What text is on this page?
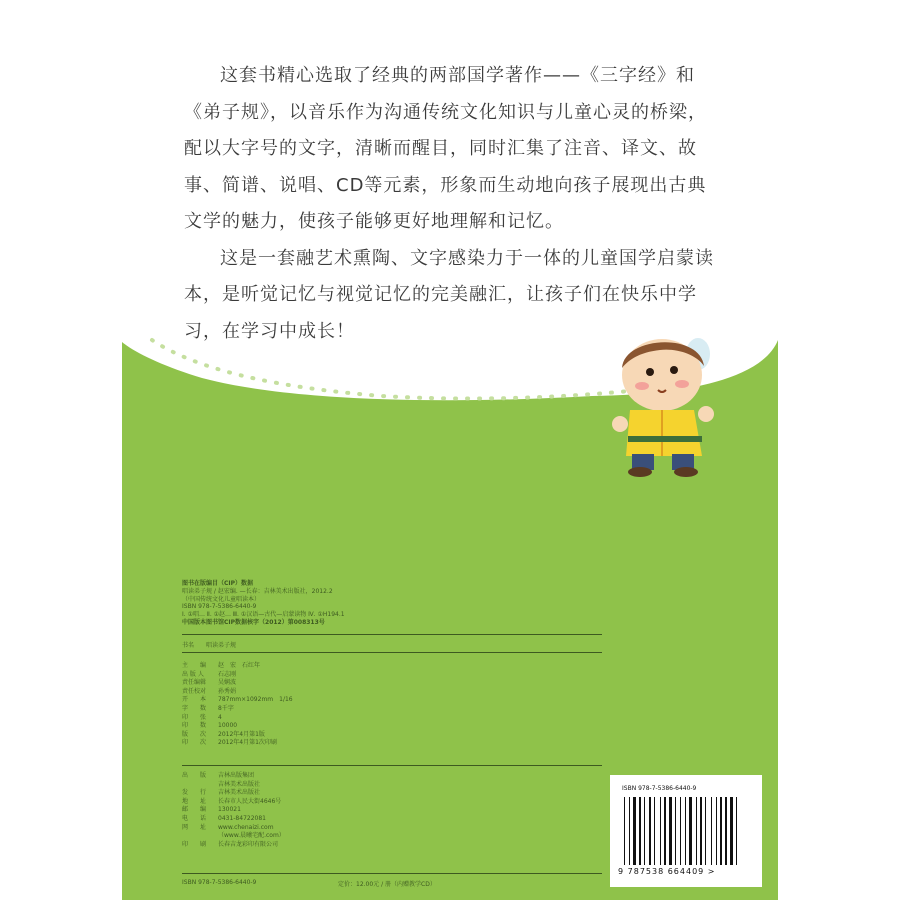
这套书精心选取了经典的两部国学著作——《三字经》和《弟子规》，以音乐作为沟通传统文化知识与儿童心灵的桥梁，配以大字号的文字，清晰而醒目，同时汇集了注音、译文、故事、简谱、说唱、CD等元素，形象而生动地向孩子展现出古典文学的魅力，使孩子能够更好地理解和记忆。

这是一套融艺术熏陶、文字感染力于一体的儿童国学启蒙读本，是听觉记忆与视觉记忆的完美融汇，让孩子们在快乐中学习，在学习中成长！

图书在版编目（CIP）数据
唱读弟子规 / 赵宏编. —长春：吉林美术出版社，2012.2
（中国传统文化儿童唱读本）
ISBN 978-7-5386-6440-9
Ⅰ. ①唱… Ⅱ. ①赵… Ⅲ. ①汉语—古代—启蒙读物 Ⅳ. ①H194.1
中国版本图书馆CIP数据核字（2012）第008313号
书名 唱读弟子规
主　　编	赵　宏　石红年
出 版 人	石志刚
责任编辑	吴娴波
责任校对	孙秀娟
开　　本	787mm×1092mm　1/16
字　　数	8千字
印　　张	4
印　　数	10000
版　　次	2012年4月第1版
印　　次	2012年4月第1次印刷
出　　版	吉林出版集团
吉林美术出版社
发　　行	吉林美术出版社
地　　址	长春市人民大街4646号
邮　　编	130021
电　　话	0431-84722081
网　　址	www.chenaizi.com
（www.晨曦宅配.com）
印　　刷	长春吉龙彩印有限公司
ISBN 978-7-5386-6440-9	定价：12.00元 / 册（内赠教学CD）
ISBN 978-7-5386-6440-9
9 787538 664409 >
